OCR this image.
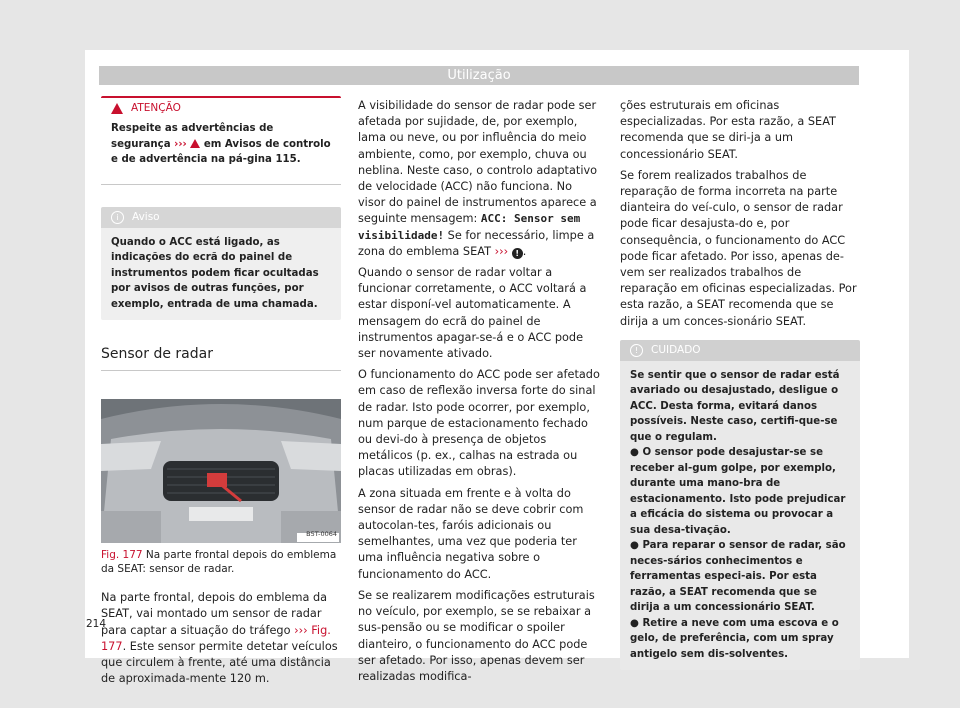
Utilização
ATENÇÃO
Respeite as advertências de segurança ››› em Avisos de controlo e de advertência na pá-gina 115.
i	Aviso
Quando o ACC está ligado, as indicações do ecrã do painel de instrumentos podem ficar ocultadas por avisos de outras funções, por exemplo, entrada de uma chamada.
Sensor de radar
B5T-0064
Fig. 177 Na parte frontal depois do emblema da SEAT: sensor de radar.

Na parte frontal, depois do emblema da SEAT, vai montado um sensor de radar para captar a situação do tráfego ››› Fig. 177. Este sensor permite detetar veículos que circulem à frente, até uma distância de aproximada-mente 120 m.

A visibilidade do sensor de radar pode ser afetada por sujidade, de, por exemplo, lama ou neve, ou por influência do meio ambiente, como, por exemplo, chuva ou neblina. Neste caso, o controlo adaptativo de velocidade (ACC) não funciona. No visor do painel de instrumentos aparece a seguinte mensagem: ACC: Sensor sem visibilidade! Se for necessário, limpe a zona do emblema SEAT ››› ! .

Quando o sensor de radar voltar a funcionar corretamente, o ACC voltará a estar disponí-vel automaticamente. A mensagem do ecrã do painel de instrumentos apagar-se-á e o ACC pode ser novamente ativado.

O funcionamento do ACC pode ser afetado em caso de reflexão inversa forte do sinal de radar. Isto pode ocorrer, por exemplo, num parque de estacionamento fechado ou devi-do à presença de objetos metálicos (p. ex., calhas na estrada ou placas utilizadas em obras).

A zona situada em frente e à volta do sensor de radar não se deve cobrir com autocolan-tes, faróis adicionais ou semelhantes, uma vez que poderia ter uma influência negativa sobre o funcionamento do ACC.

Se se realizarem modificações estruturais no veículo, por exemplo, se se rebaixar a sus-pensão ou se modificar o spoiler dianteiro, o funcionamento do ACC pode ser afetado. Por isso, apenas devem ser realizadas modifica-

ções estruturais em oficinas especializadas. Por esta razão, a SEAT recomenda que se diri-ja a um concessionário SEAT.

Se forem realizados trabalhos de reparação de forma incorreta na parte dianteira do veí-culo, o sensor de radar pode ficar desajusta-do e, por consequência, o funcionamento do ACC pode ficar afetado. Por isso, apenas de-vem ser realizados trabalhos de reparação em oficinas especializadas. Por esta razão, a SEAT recomenda que se dirija a um conces-sionário SEAT.

!	CUIDADO
Se sentir que o sensor de radar está avariado ou desajustado, desligue o ACC. Desta forma, evitará danos possíveis. Neste caso, certifi-que-se que o regulam.
● O sensor pode desajustar-se se receber al-gum golpe, por exemplo, durante uma mano-bra de estacionamento. Isto pode prejudicar a eficácia do sistema ou provocar a sua desa-tivação.
● Para reparar o sensor de radar, são neces-sários conhecimentos e ferramentas especi-ais. Por esta razão, a SEAT recomenda que se dirija a um concessionário SEAT.
● Retire a neve com uma escova e o gelo, de preferência, com um spray antigelo sem dis-solventes.
214
